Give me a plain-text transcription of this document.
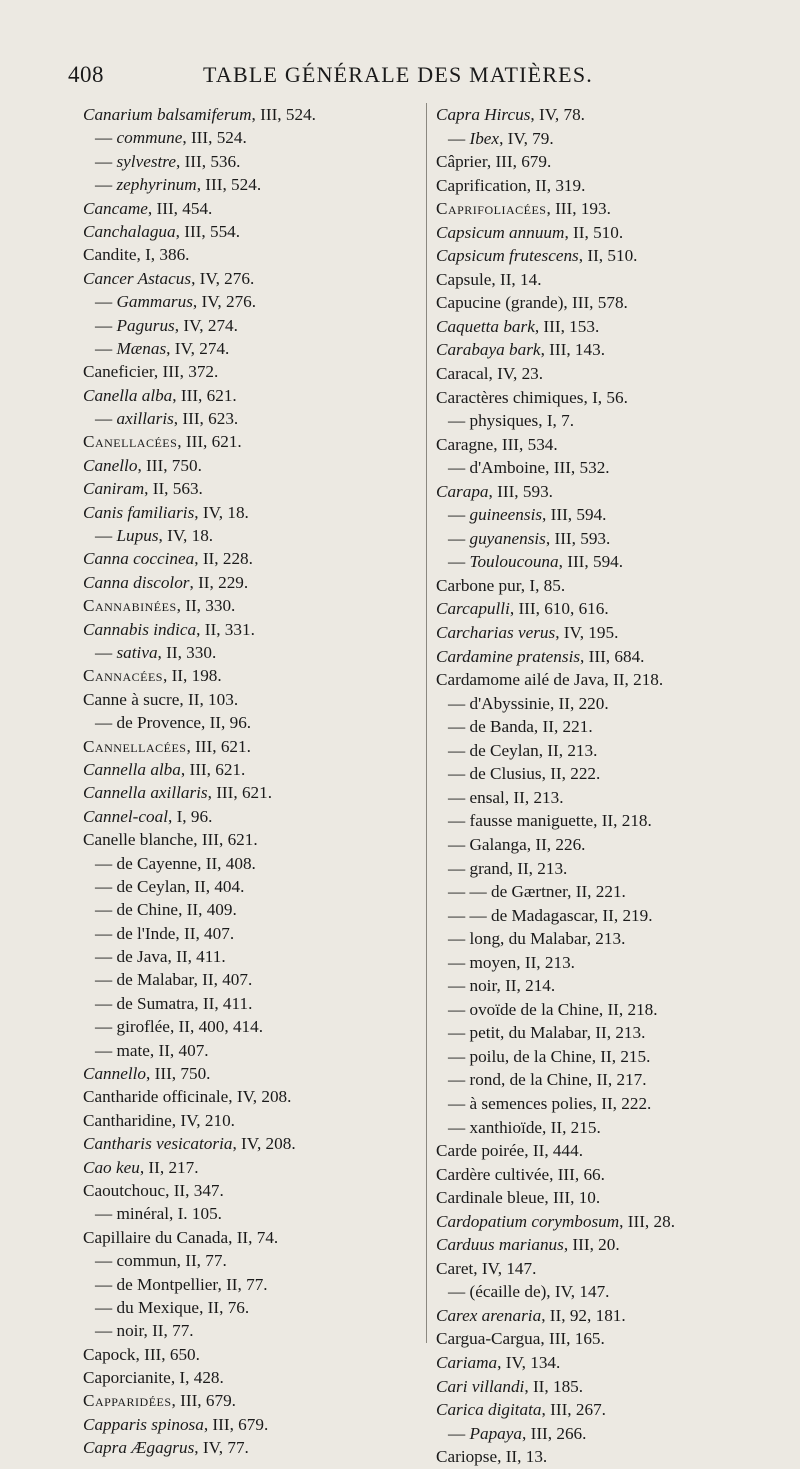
408	TABLE GÉNÉRALE DES MATIÈRES.
Canarium balsamiferum, III, 524.
— commune, III, 524.
— sylvestre, III, 536.
— zephyrinum, III, 524.
Cancame, III, 454.
Canchalagua, III, 554.
Candite, I, 386.
Cancer Astacus, IV, 276.
— Gammarus, IV, 276.
— Pagurus, IV, 274.
— Mænas, IV, 274.
Caneficier, III, 372.
Canella alba, III, 621.
— axillaris, III, 623.
Canellacées, III, 621.
Canello, III, 750.
Caniram, II, 563.
Canis familiaris, IV, 18.
— Lupus, IV, 18.
Canna coccinea, II, 228.
Canna discolor, II, 229.
Cannabinées, II, 330.
Cannabis indica, II, 331.
— sativa, II, 330.
Cannacées, II, 198.
Canne à sucre, II, 103.
— de Provence, II, 96.
Cannellacées, III, 621.
Cannella alba, III, 621.
Cannella axillaris, III, 621.
Cannel-coal, I, 96.
Canelle blanche, III, 621.
— de Cayenne, II, 408.
— de Ceylan, II, 404.
— de Chine, II, 409.
— de l'Inde, II, 407.
— de Java, II, 411.
— de Malabar, II, 407.
— de Sumatra, II, 411.
— giroflée, II, 400, 414.
— mate, II, 407.
Cannello, III, 750.
Cantharide officinale, IV, 208.
Cantharidine, IV, 210.
Cantharis vesicatoria, IV, 208.
Cao keu, II, 217.
Caoutchouc, II, 347.
— minéral, I. 105.
Capillaire du Canada, II, 74.
— commun, II, 77.
— de Montpellier, II, 77.
— du Mexique, II, 76.
— noir, II, 77.
Capock, III, 650.
Caporcianite, I, 428.
Capparidées, III, 679.
Capparis spinosa, III, 679.
Capra Ægagrus, IV, 77.
Capra Hircus, IV, 78.
— Ibex, IV, 79.
Câprier, III, 679.
Caprification, II, 319.
Caprifoliacées, III, 193.
Capsicum annuum, II, 510.
Capsicum frutescens, II, 510.
Capsule, II, 14.
Capucine (grande), III, 578.
Caquetta bark, III, 153.
Carabaya bark, III, 143.
Caracal, IV, 23.
Caractères chimiques, I, 56.
— physiques, I, 7.
Caragne, III, 534.
— d'Amboine, III, 532.
Carapa, III, 593.
— guineensis, III, 594.
— guyanensis, III, 593.
— Touloucouna, III, 594.
Carbone pur, I, 85.
Carcapulli, III, 610, 616.
Carcharias verus, IV, 195.
Cardamine pratensis, III, 684.
Cardamome ailé de Java, II, 218.
— d'Abyssinie, II, 220.
— de Banda, II, 221.
— de Ceylan, II, 213.
— de Clusius, II, 222.
— ensal, II, 213.
— fausse maniguette, II, 218.
— Galanga, II, 226.
— grand, II, 213.
— — de Gærtner, II, 221.
— — de Madagascar, II, 219.
— long, du Malabar, 213.
— moyen, II, 213.
— noir, II, 214.
— ovoïde de la Chine, II, 218.
— petit, du Malabar, II, 213.
— poilu, de la Chine, II, 215.
— rond, de la Chine, II, 217.
— à semences polies, II, 222.
— xanthioïde, II, 215.
Carde poirée, II, 444.
Cardère cultivée, III, 66.
Cardinale bleue, III, 10.
Cardopatium corymbosum, III, 28.
Carduus marianus, III, 20.
Caret, IV, 147.
— (écaille de), IV, 147.
Carex arenaria, II, 92, 181.
Cargua-Cargua, III, 165.
Cariama, IV, 134.
Cari villandi, II, 185.
Carica digitata, III, 267.
— Papaya, III, 266.
Cariopse, II, 13.
